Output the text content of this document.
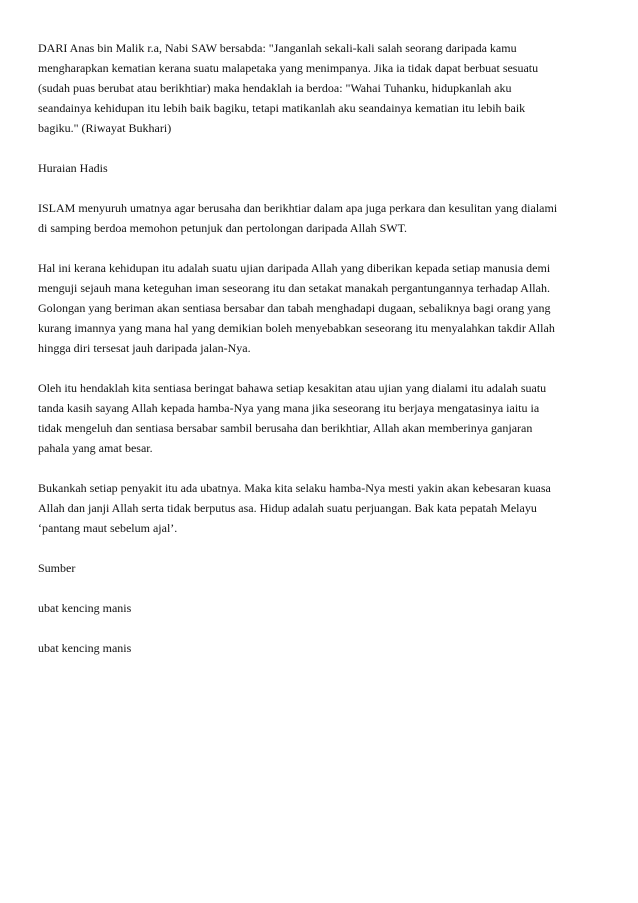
DARI Anas bin Malik r.a, Nabi SAW bersabda: "Janganlah sekali-kali salah seorang daripada kamu
mengharapkan kematian kerana suatu malapetaka yang menimpanya. Jika ia tidak dapat berbuat sesuatu
(sudah puas berubat atau berikhtiar) maka hendaklah ia berdoa: "Wahai Tuhanku, hidupkanlah aku
seandainya kehidupan itu lebih baik bagiku, tetapi matikanlah aku seandainya kematian itu lebih baik
bagiku." (Riwayat Bukhari)

Huraian Hadis

ISLAM menyuruh umatnya agar berusaha dan berikhtiar dalam apa juga perkara dan kesulitan yang dialami
di samping berdoa memohon petunjuk dan pertolongan daripada Allah SWT.

Hal ini kerana kehidupan itu adalah suatu ujian daripada Allah yang diberikan kepada setiap manusia demi
menguji sejauh mana keteguhan iman seseorang itu dan setakat manakah pergantungannya terhadap Allah.
Golongan yang beriman akan sentiasa bersabar dan tabah menghadapi dugaan, sebaliknya bagi orang yang
kurang imannya yang mana hal yang demikian boleh menyebabkan seseorang itu menyalahkan takdir Allah
hingga diri tersesat jauh daripada jalan-Nya.

Oleh itu hendaklah kita sentiasa beringat bahawa setiap kesakitan atau ujian yang dialami itu adalah suatu
tanda kasih sayang Allah kepada hamba-Nya yang mana jika seseorang itu berjaya mengatasinya iaitu ia
tidak mengeluh dan sentiasa bersabar sambil berusaha dan berikhtiar, Allah akan memberinya ganjaran
pahala yang amat besar.

Bukankah setiap penyakit itu ada ubatnya. Maka kita selaku hamba-Nya mesti yakin akan kebesaran kuasa
Allah dan janji Allah serta tidak berputus asa. Hidup adalah suatu perjuangan. Bak kata pepatah Melayu
‘pantang maut sebelum ajal’.

Sumber

ubat kencing manis

ubat kencing manis
